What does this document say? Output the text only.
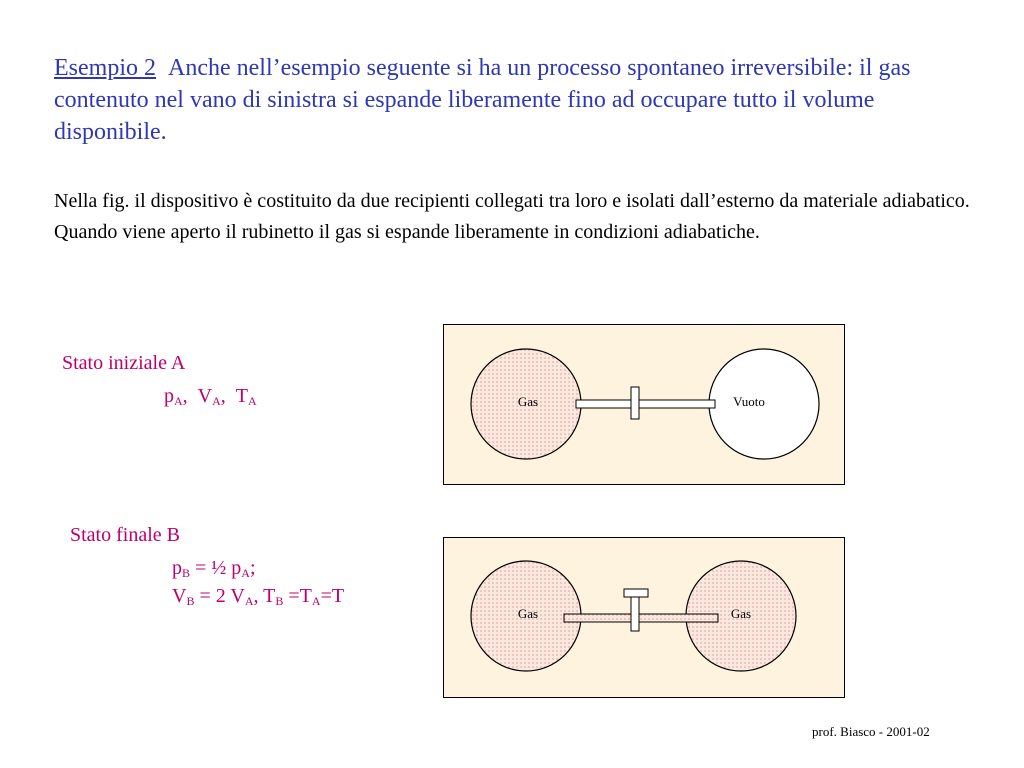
Esempio 2 Anche nell’esempio seguente si ha un processo spontaneo irreversibile: il gas contenuto nel vano di sinistra si espande liberamente fino ad occupare tutto il volume disponibile.
Nella fig. il dispositivo è costituito da due recipienti collegati tra loro e isolati dall’esterno da materiale adiabatico. Quando viene aperto il rubinetto il gas si espande liberamente in condizioni adiabatiche.
Stato iniziale A
$p_A$,  $V_A$,  $T_A$
Stato finale B
$p_B$ = ½ $p_A$;
$V_B = 2$ $V_A$, $T_B =T_A=T$
Gas	Vuoto
Gas	Gas
prof. Biasco - 2001-02
